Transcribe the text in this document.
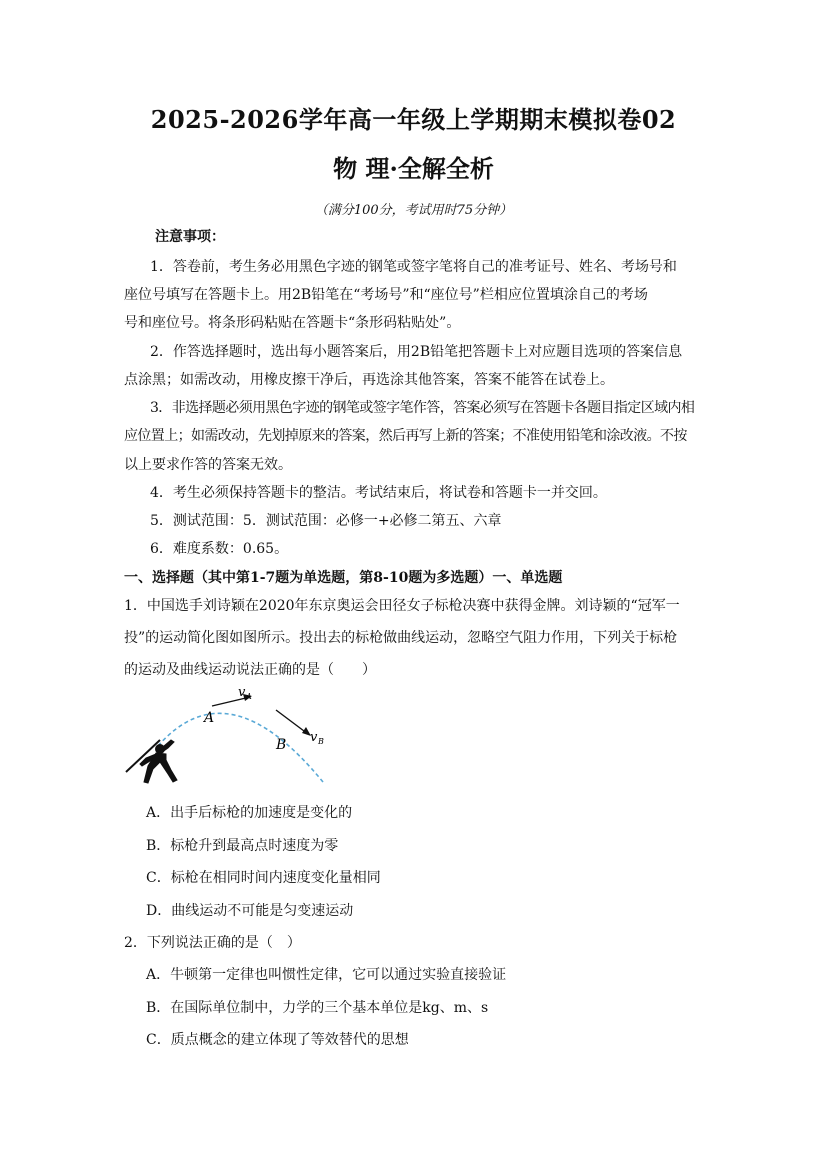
2025-2026学年高一年级上学期期末模拟卷02
物 理·全解全析
（满分100分，考试用时75分钟）
注意事项：
1．答卷前，考生务必用黑色字迹的钢笔或签字笔将自己的准考证号、姓名、考场号和
座位号填写在答题卡上。用2B铅笔在“考场号”和“座位号”栏相应位置填涂自己的考场
号和座位号。将条形码粘贴在答题卡“条形码粘贴处”。
2．作答选择题时，选出每小题答案后，用2B铅笔把答题卡上对应题目选项的答案信息
点涂黑；如需改动，用橡皮擦干净后，再选涂其他答案，答案不能答在试卷上。
3．非选择题必须用黑色字迹的钢笔或签字笔作答，答案必须写在答题卡各题目指定区域内相
应位置上；如需改动，先划掉原来的答案，然后再写上新的答案；不准使用铅笔和涂改液。不按
以上要求作答的答案无效。
4．考生必须保持答题卡的整洁。考试结束后，将试卷和答题卡一并交回。
5．测试范围：5．测试范围：必修一+必修二第五、六章
6．难度系数：0.65。
一、选择题（其中第1-7题为单选题，第8-10题为多选题）一、单选题
1．中国选手刘诗颖在2020年东京奥运会田径女子标枪决赛中获得金牌。刘诗颖的“冠军一
投”的运动简化图如图所示。投出去的标枪做曲线运动，忽略空气阻力作用，下列关于标枪
的运动及曲线运动说法正确的是（　　）
A
B
v A
v B
A．出手后标枪的加速度是变化的
B．标枪升到最高点时速度为零
C．标枪在相同时间内速度变化量相同
D．曲线运动不可能是匀变速运动
2．下列说法正确的是（　）
A．牛顿第一定律也叫惯性定律，它可以通过实验直接验证
B．在国际单位制中，力学的三个基本单位是kg、m、s
C．质点概念的建立体现了等效替代的思想
